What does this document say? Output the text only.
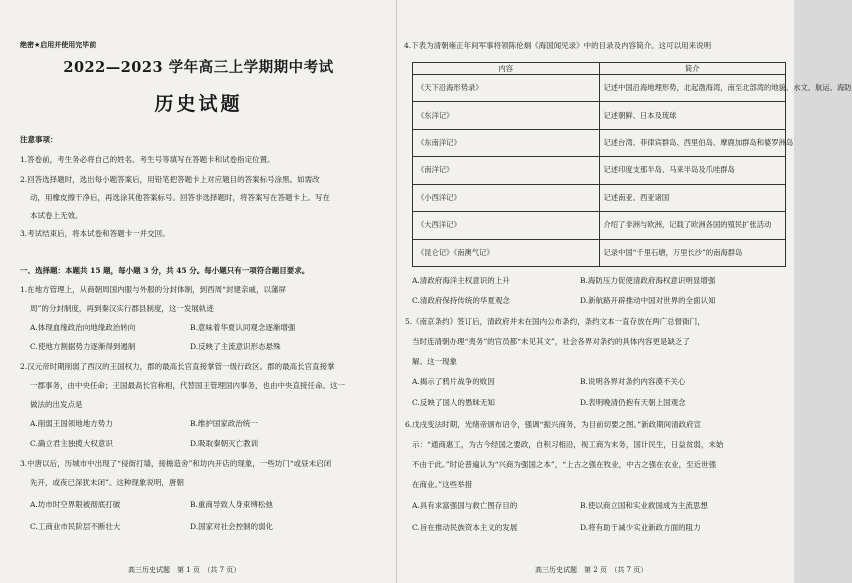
绝密★启用并使用完毕前
2022—2023 学年高三上学期期中考试
历史试题
注意事项：
1.答卷前，考生务必将自己的姓名、考生号等填写在答题卡和试卷指定位置。
2.回答选择题时，选出每小题答案后，用铅笔把答题卡上对应题目的答案标号涂黑。如需改
动，用橡皮擦干净后，再选涂其他答案标号。回答非选择题时，将答案写在答题卡上。写在
本试卷上无效。
3.考试结束后，将本试卷和答题卡一并交回。
一、选择题：本题共 15 题，每小题 3 分，共 45 分。每小题只有一项符合题目要求。
1.在地方管理上，从商朝周国内服与外服的分封体制，到西周“封建亲戚，以藩屏
周”的分封制度，再到秦汉实行郡县制度，这一发展轨迹
A.体现血缘政治向地缘政治转向	B.意味着华夏认同观念逐渐增强
C.使地方割据势力逐渐得到遏制	D.反映了主流意识形态悬殊
2.汉元帝时期削弱了西汉的王国权力，郡的最高长官直接掌管一级行政区。郡的最高长官直接掌
一郡事务，由中央任命；王国最高长官称相，代替国王管理国内事务，也由中央直接任命。这一
做法的出发点是
A.削弱王国领地地方势力	B.维护国家政治统一
C.确立君主独揽大权意识	D.吸取秦朝灭亡教训
3.中唐以后，历城市中出现了“侵街打墙，接檐造舍”和坊内开店的现象，一些坊门“或昼未启闭
先开，或夜已深犹未闭”。这种现象说明，唐朝
A.坊市时空界限被彻底打破	B.重商导致人身束缚松弛
C.工商业市民阶层不断壮大	D.国家对社会控制的弱化
高三历史试题　第 1 页　（共 7 页）
4.下表为清朝雍正年间军事将领陈伦炯《海国闻见录》中的目录及内容简介。这可以用来说明
内容	简介
《天下沿海形势录》	记述中国沿海地理形势，北起渤海湾，南至北部湾的地貌、水文、航运、海防
《东洋记》	记述朝鲜、日本及琉球
《东南洋记》	记述台湾、菲律宾群岛、西里伯岛、摩鹿加群岛和婆罗洲岛
《南洋记》	记述印度支那半岛、马来半岛及爪哇群岛
《小西洋记》	记述南亚、西亚诸国
《大西洋记》	介绍了非洲与欧洲，记载了欧洲各国的殖民扩张活动
《昆仑记》《南澳气记》	记录中国“千里石塘，万里长沙”的南海群岛
A.清政府海洋主权意识的上升	B.海防压力促使清政府海权意识明显增强
C.清政府保持传统的华夏观念	D.新航路开辟推动中国对世界的全面认知
5.《南京条约》签订后，清政府并未在国内公布条约，条约文本一直存放在两广总督衙门，
当时连清朝办理“夷务”的官员都“未见其文”，社会各界对条约的具体内容更是缺乏了
解。这一现象
A.揭示了鸦片战争的败因	B.说明各界对条约内容漠不关心
C.反映了国人的愚昧无知	D.表明晚清仍抱有天朝上国观念
6.戊戌变法时期，光绪帝颁布诏令，强调“振兴商务，为目前切要之图。”新政期间清政府宣
示：“通商惠工，为古今经国之要政，自积习相沿，视工商为末务，国计民生，日益贫弱，未始
不由于此。”时论普遍认为“兴商为强国之本”，“上古之强在牧业，中古之强在农业，至近世强
在商业。”这些举措
A.具有求富强国与救亡图存目的	B.使以商立国和实业救国成为主流思想
C.旨在推动民族资本主义的发展	D.将有助于减少实业新政方面的阻力
高三历史试题　第 2 页　（共 7 页）
